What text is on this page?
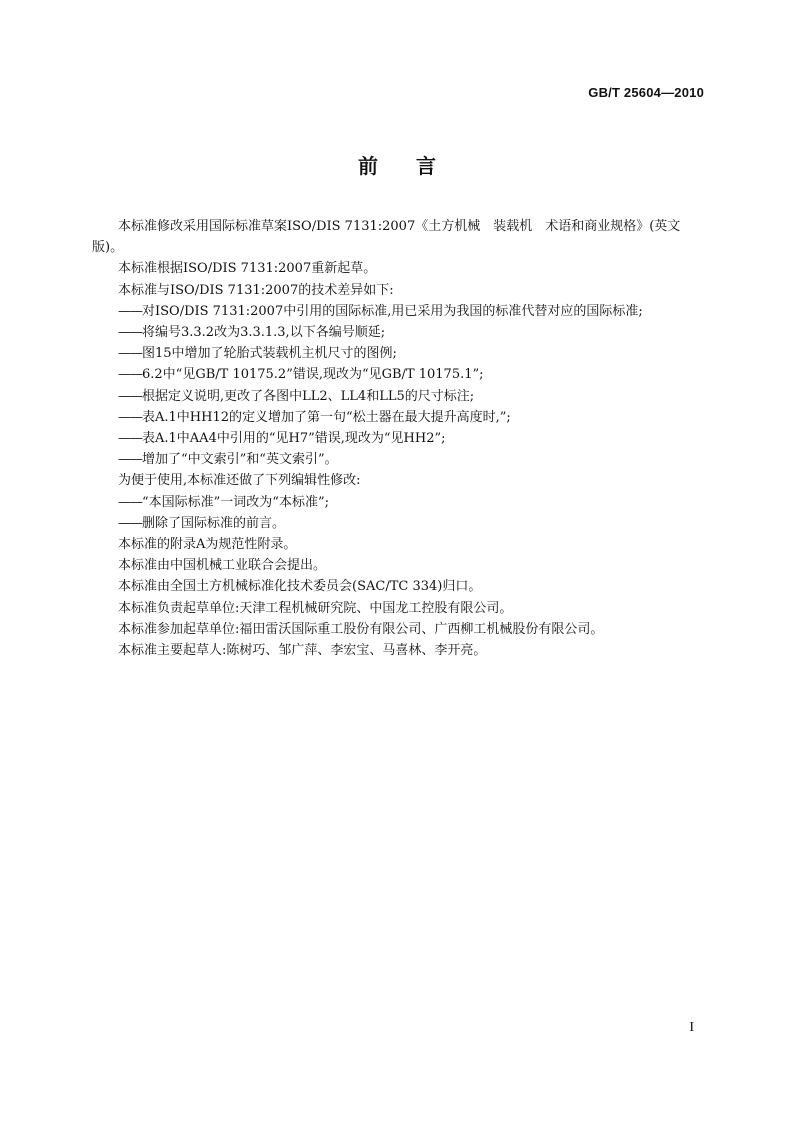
GB/T 25604—2010
前言

本标准修改采用国际标准草案ISO/DIS 7131:2007《土方机械　装载机　术语和商业规格》(英文版)。

本标准根据ISO/DIS 7131:2007重新起草。

本标准与ISO/DIS 7131:2007的技术差异如下:

—— 对ISO/DIS 7131:2007中引用的国际标准,用已采用为我国的标准代替对应的国际标准;

—— 将编号3.3.2改为3.3.1.3,以下各编号顺延;

—— 图15中增加了轮胎式装载机主机尺寸的图例;

—— 6.2中“见GB/T 10175.2”错误,现改为“见GB/T 10175.1”;

—— 根据定义说明,更改了各图中LL2、LL4和LL5的尺寸标注;

—— 表A.1中HH12的定义增加了第一句“松土器在最大提升高度时,”;

—— 表A.1中AA4中引用的“见H7”错误,现改为“见HH2”;

—— 增加了“中文索引”和“英文索引”。

为便于使用,本标准还做了下列编辑性修改:

—— “本国际标准”一词改为“本标准”;

—— 删除了国际标准的前言。

本标准的附录A为规范性附录。

本标准由中国机械工业联合会提出。

本标准由全国土方机械标准化技术委员会(SAC/TC 334)归口。

本标准负责起草单位:天津工程机械研究院、中国龙工控股有限公司。

本标准参加起草单位:福田雷沃国际重工股份有限公司、广西柳工机械股份有限公司。

本标准主要起草人:陈树巧、邹广萍、李宏宝、马喜林、李开亮。

I
